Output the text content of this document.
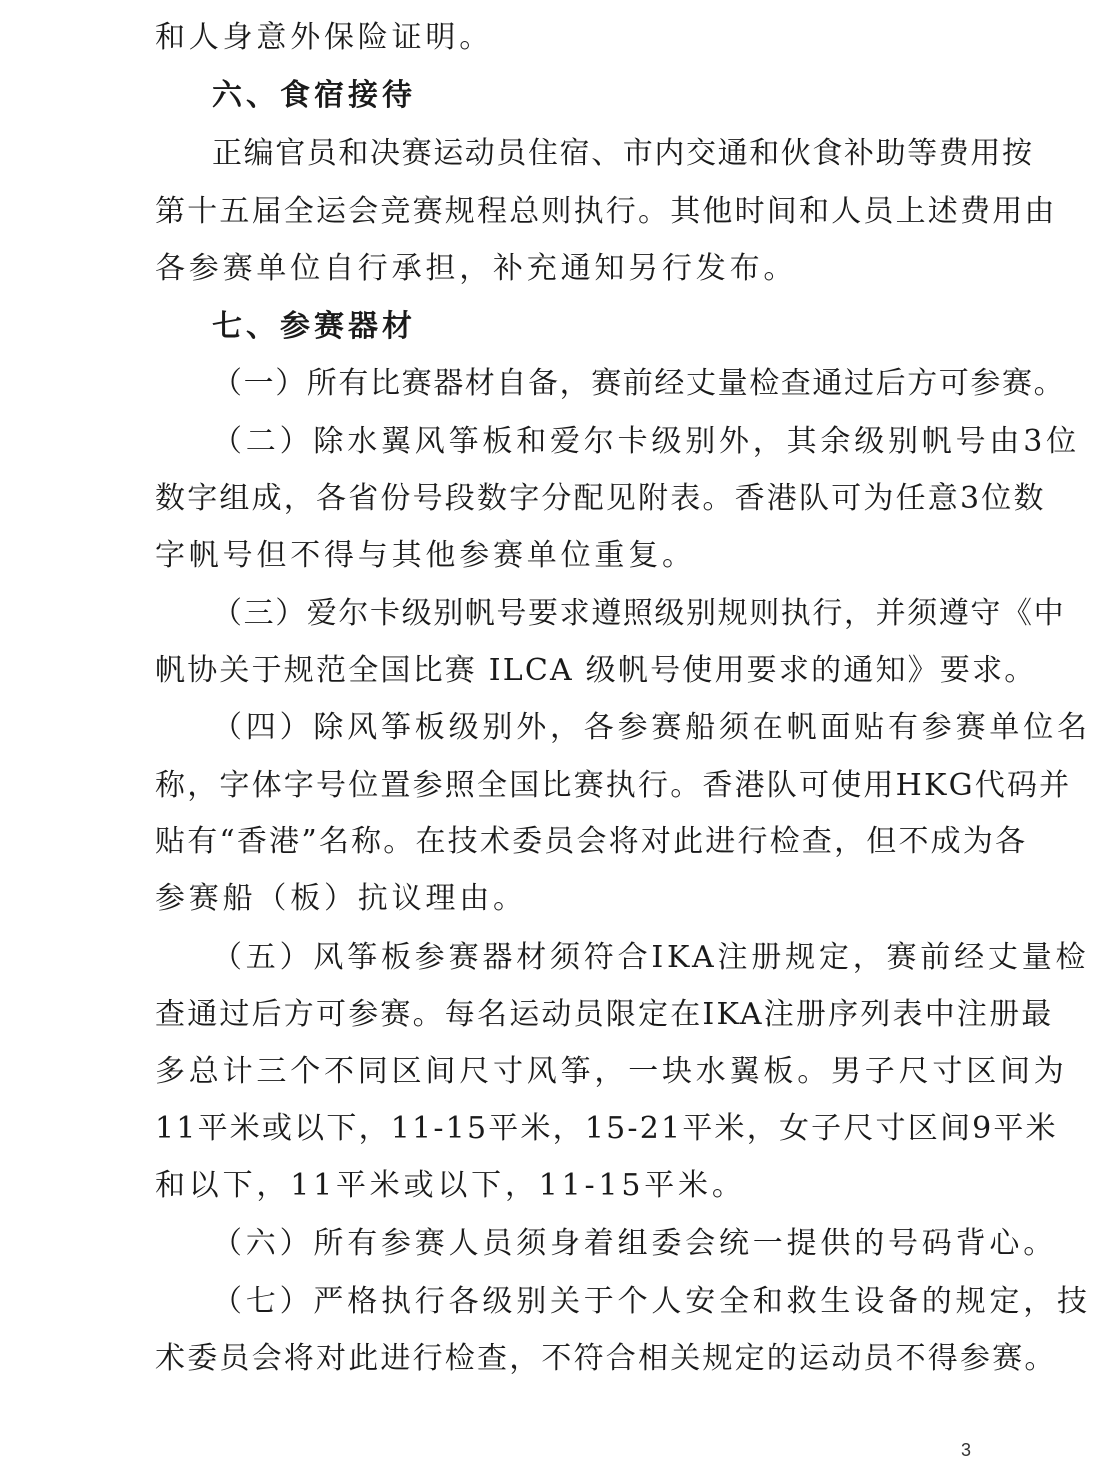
和人身意外保险证明。
六、食宿接待
正编官员和决赛运动员住宿、市内交通和伙食补助等费用按
第十五届全运会竞赛规程总则执行。其他时间和人员上述费用由
各参赛单位自行承担，补充通知另行发布。
七、参赛器材
（一）所有比赛器材自备，赛前经丈量检查通过后方可参赛。
（二）除水翼风筝板和爱尔卡级别外，其余级别帆号由3位
数字组成，各省份号段数字分配见附表。香港队可为任意3位数
字帆号但不得与其他参赛单位重复。
（三）爱尔卡级别帆号要求遵照级别规则执行，并须遵守《中
帆协关于规范全国比赛 ILCA 级帆号使用要求的通知》要求。
（四）除风筝板级别外，各参赛船须在帆面贴有参赛单位名
称，字体字号位置参照全国比赛执行。香港队可使用HKG代码并
贴有“香港”名称。在技术委员会将对此进行检查，但不成为各
参赛船（板）抗议理由。
（五）风筝板参赛器材须符合IKA注册规定，赛前经丈量检
查通过后方可参赛。每名运动员限定在IKA注册序列表中注册最
多总计三个不同区间尺寸风筝，一块水翼板。男子尺寸区间为
11平米或以下，11-15平米，15-21平米，女子尺寸区间9平米
和以下，11平米或以下，11-15平米。
（六）所有参赛人员须身着组委会统一提供的号码背心。
（七）严格执行各级别关于个人安全和救生设备的规定，技
术委员会将对此进行检查，不符合相关规定的运动员不得参赛。
3
